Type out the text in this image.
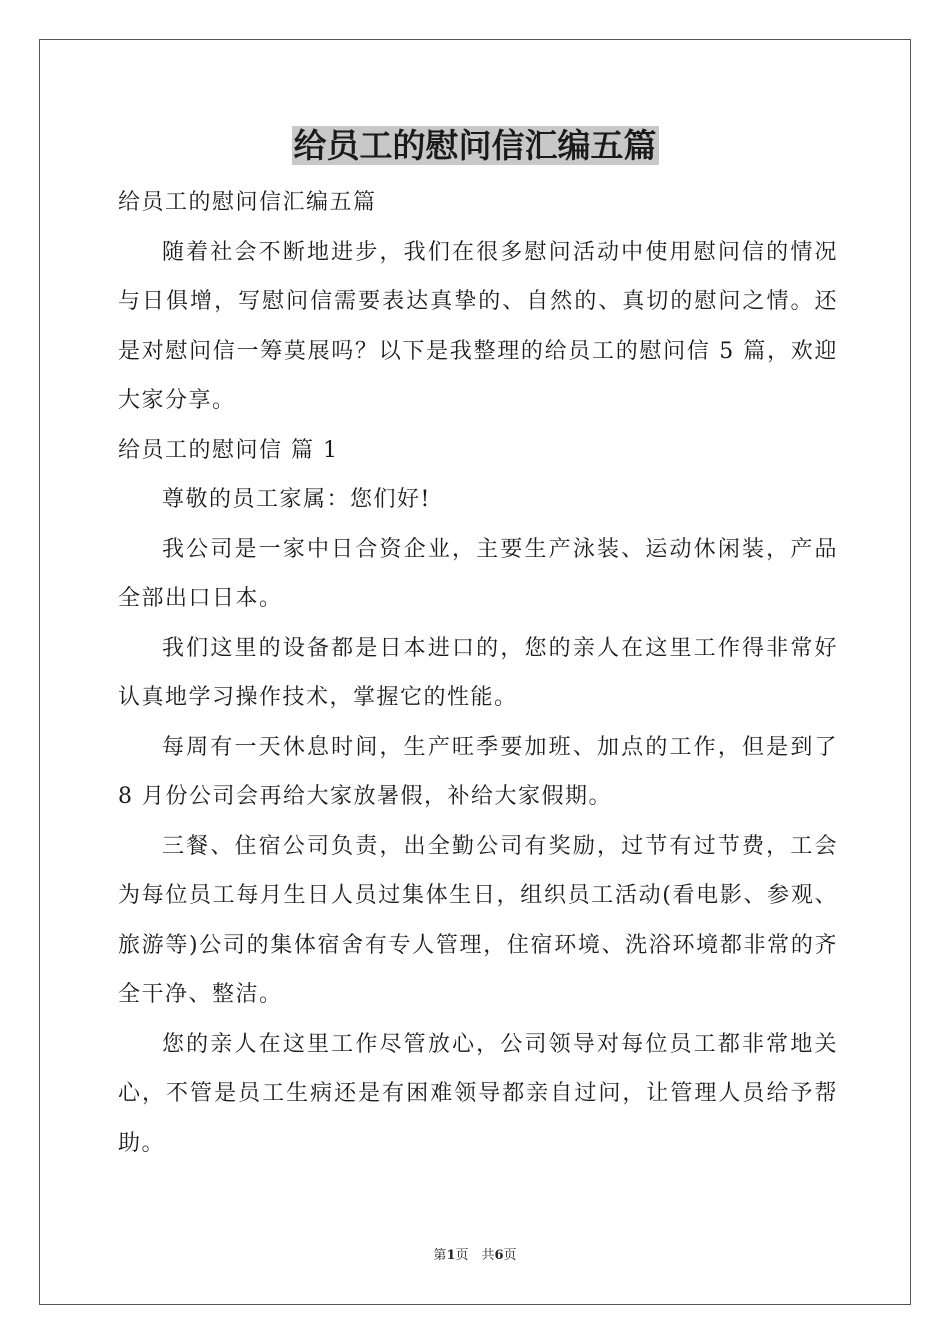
给员工的慰问信汇编五篇

给员工的慰问信汇编五篇

随着社会不断地进步，我们在很多慰问活动中使用慰问信的情况与日俱增，写慰问信需要表达真挚的、自然的、真切的慰问之情。还是对慰问信一筹莫展吗？以下是我整理的给员工的慰问信 5 篇，欢迎大家分享。

给员工的慰问信 篇 1

尊敬的员工家属：您们好!

我公司是一家中日合资企业，主要生产泳装、运动休闲装，产品全部出口日本。

我们这里的设备都是日本进口的，您的亲人在这里工作得非常好认真地学习操作技术，掌握它的性能。

每周有一天休息时间，生产旺季要加班、加点的工作，但是到了 8 月份公司会再给大家放暑假，补给大家假期。

三餐、住宿公司负责，出全勤公司有奖励，过节有过节费，工会为每位员工每月生日人员过集体生日，组织员工活动(看电影、参观、旅游等)公司的集体宿舍有专人管理，住宿环境、洗浴环境都非常的齐全干净、整洁。

您的亲人在这里工作尽管放心，公司领导对每位员工都非常地关心，不管是员工生病还是有困难领导都亲自过问，让管理人员给予帮助。

第1页　共6页
